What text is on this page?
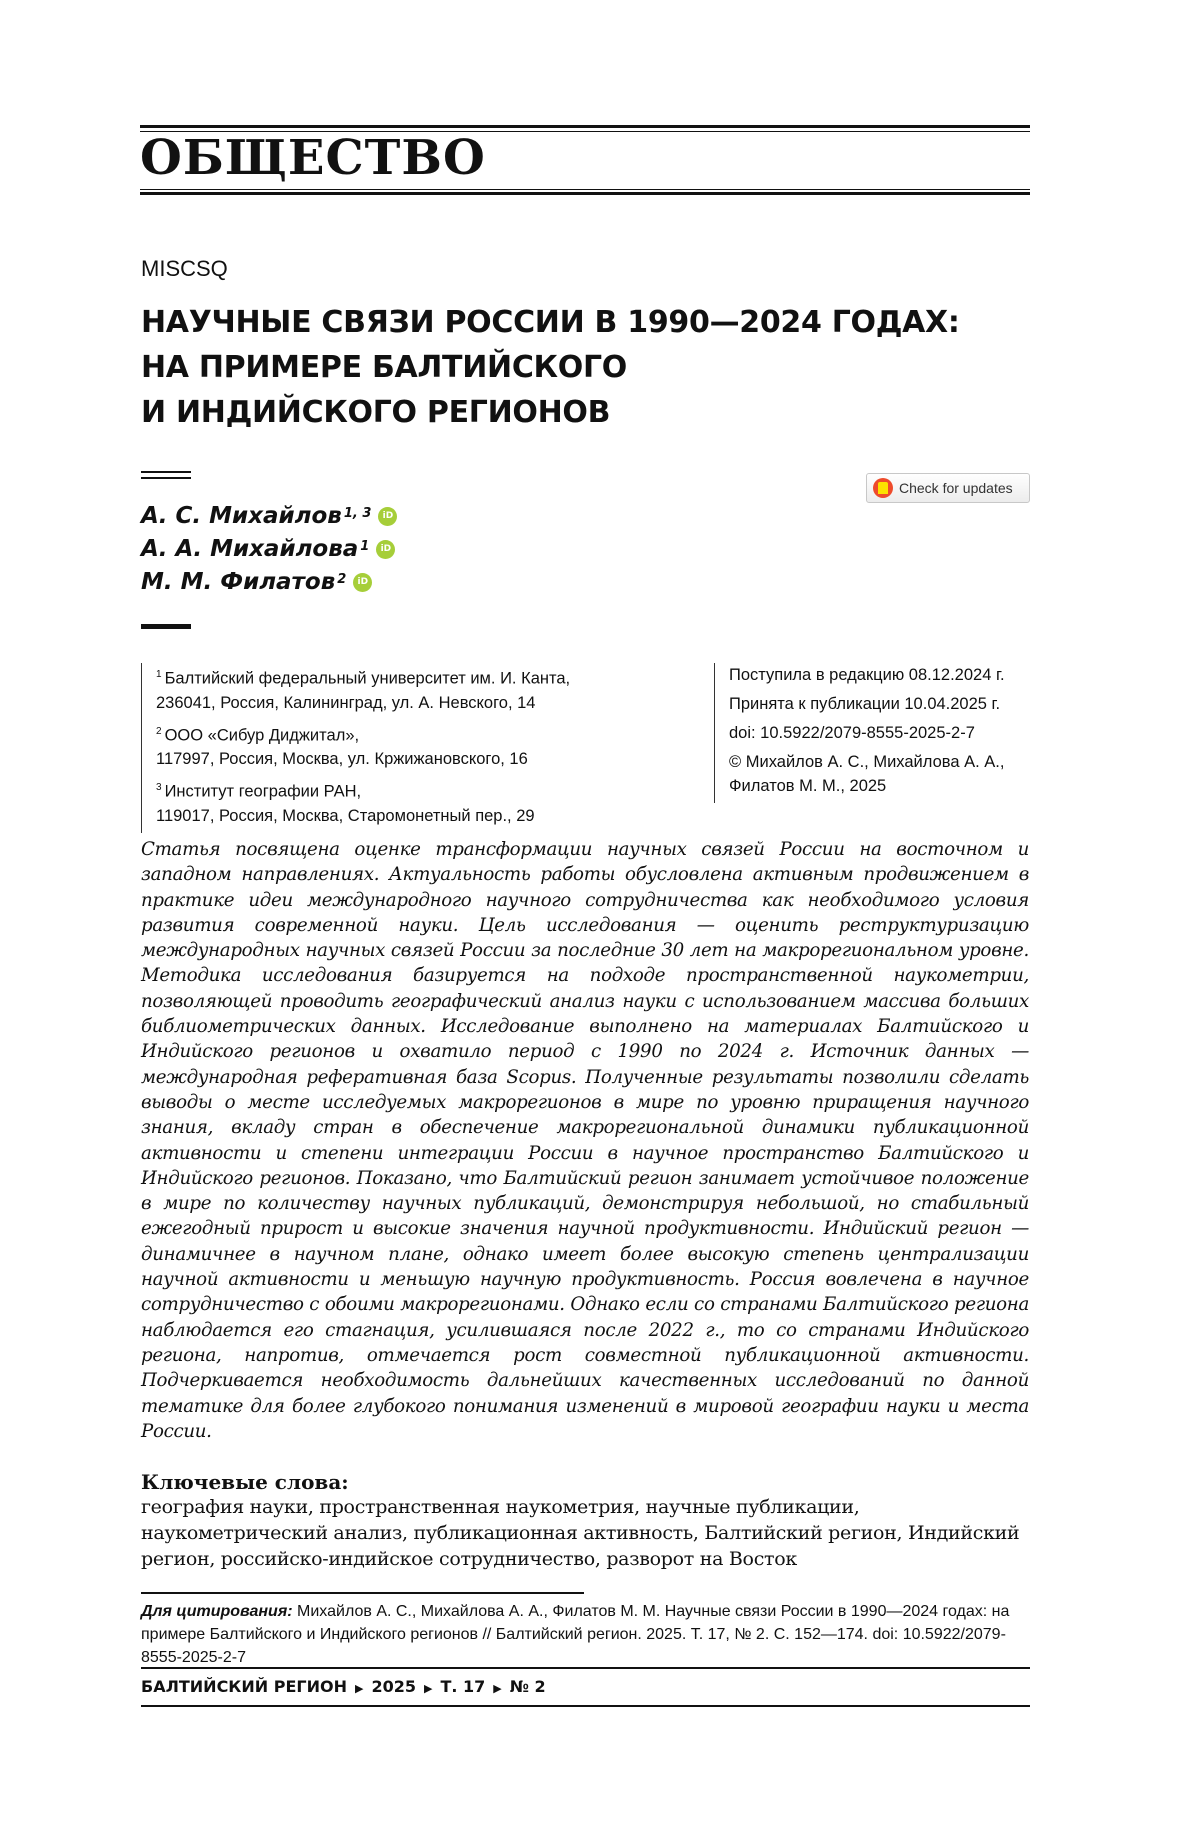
ОБЩЕСТВО
MISCSQ
НАУЧНЫЕ СВЯЗИ РОССИИ В 1990—2024 ГОДАХ:
НА ПРИМЕРЕ БАЛТИЙСКОГО
И ИНДИЙСКОГО РЕГИОНОВ
Check for updates
А. С. Михайлов 1, 3	iD
А. А. Михайлова 1	iD
М. М. Филатов 2	iD

1 Балтийский федеральный университет им. И. Канта,
236041, Россия, Калининград, ул. А. Невского, 14

2 ООО «Сибур Диджитал»,
117997, Россия, Москва, ул. Кржижановского, 16

3 Институт географии РАН,
119017, Россия, Москва, Старомонетный пер., 29

Поступила в редакцию 08.12.2024 г.

Принята к публикации 10.04.2025 г.

doi: 10.5922/2079-8555-2025-2-7

© Михайлов А. С., Михайлова А. А.,
Филатов М. М., 2025

Статья посвящена оценке трансформации научных связей России на восточном и западном направлениях. Актуальность работы обусловлена активным продвижением в практике идеи международного научного сотрудничества как необходимого условия развития современной науки. Цель исследования — оценить реструктуризацию международных научных связей России за последние 30 лет на макрорегиональном уровне. Методика исследования базируется на подходе пространственной наукометрии, позволяющей проводить географический анализ науки с использованием массива больших библиометрических данных. Исследование выполнено на материалах Балтийского и Индийского регионов и охватило период с 1990 по 2024 г. Источник данных — международная реферативная база Scopus. Полученные результаты позволили сделать выводы о месте исследуемых макрорегионов в мире по уровню приращения научного знания, вкладу стран в обеспечение макрорегиональной динамики публикационной активности и степени интеграции России в научное пространство Балтийского и Индийского регионов. Показано, что Балтийский регион занимает устойчивое положение в мире по количеству научных публикаций, демонстрируя небольшой, но стабильный ежегодный прирост и высокие значения научной продуктивности. Индийский регион — динамичнее в научном плане, однако имеет более высокую степень централизации научной активности и меньшую научную продуктивность. Россия вовлечена в научное сотрудничество с обоими макрорегионами. Однако если со странами Балтийского региона наблюдается его стагнация, усилившаяся после 2022 г., то со странами Индийского региона, напротив, отмечается рост совместной публикационной активности. Подчеркивается необходимость дальнейших качественных исследований по данной тематике для более глубокого понимания изменений в мировой географии науки и места России.

Ключевые слова:

география науки, пространственная наукометрия, научные публикации, наукометрический анализ, публикационная активность, Балтийский регион, Индийский регион, российско-индийское сотрудничество, разворот на Восток

Для цитирования: Михайлов А. С., Михайлова А. А., Филатов М. М. Научные связи России в 1990—2024 годах: на примере Балтийского и Индийского регионов // Балтийский регион. 2025. Т. 17, № 2. С. 152—174. doi: 10.5922/2079-8555-2025-2-7

БАЛТИЙСКИЙ РЕГИОН ▶ 2025 ▶ Т. 17 ▶ № 2
